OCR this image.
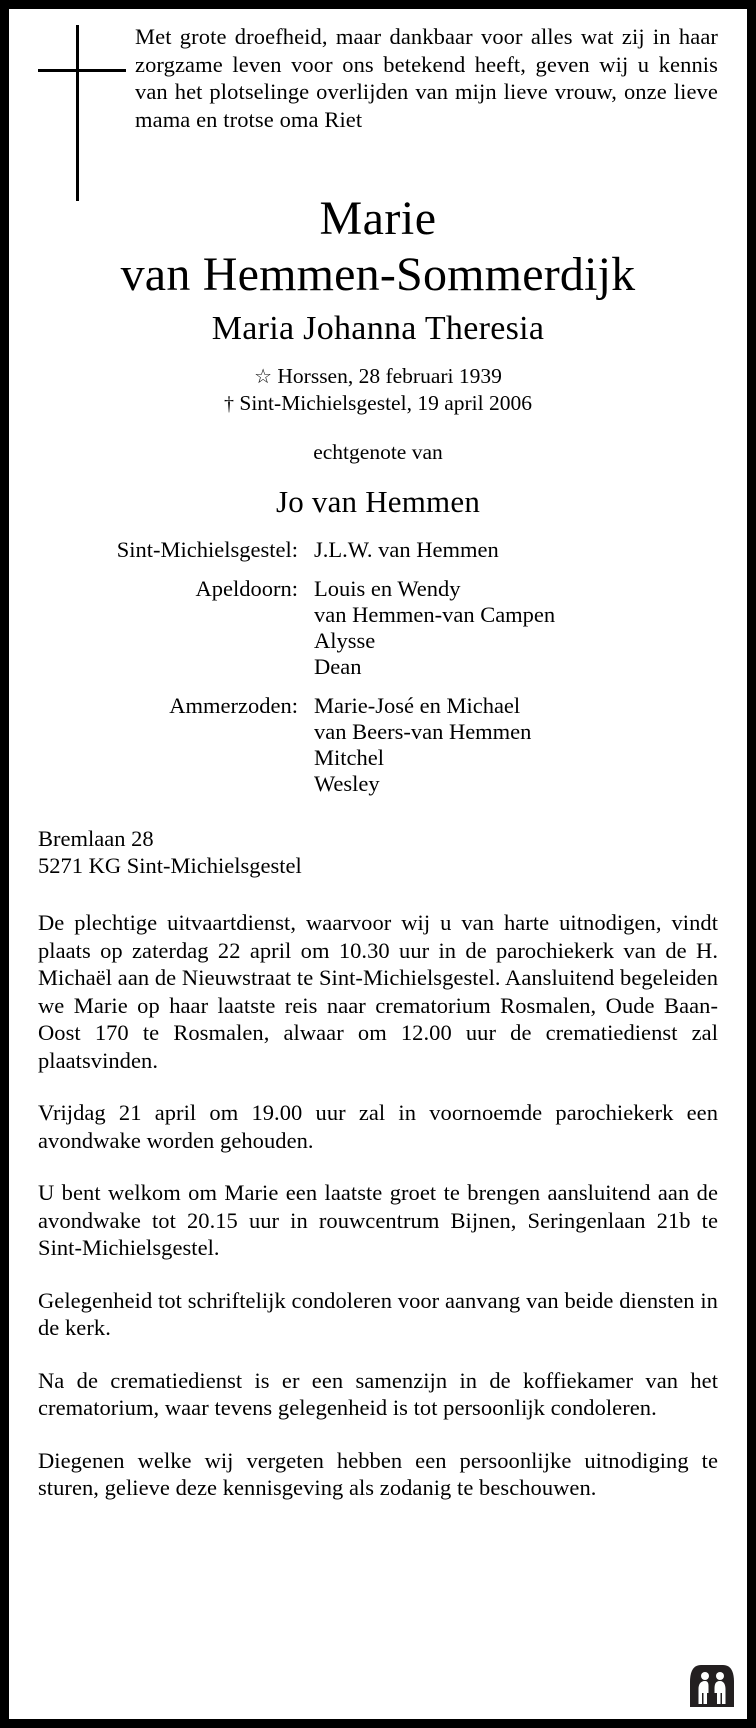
Met grote droefheid, maar dankbaar voor alles wat zij in haar zorgzame leven voor ons betekend heeft, geven wij u kennis van het plotselinge overlijden van mijn lieve vrouw, onze lieve mama en trotse oma Riet
Marie
van Hemmen-Sommerdijk
Maria Johanna Theresia
☆ Horssen, 28 februari 1939
† Sint-Michielsgestel, 19 april 2006
echtgenote van
Jo van Hemmen
Sint-Michielsgestel:	J.L.W. van Hemmen

Apeldoorn:	Louis en Wendy
van Hemmen-van Campen
Alysse
Dean

Ammerzoden:	Marie-José en Michael
van Beers-van Hemmen
Mitchel
Wesley
Bremlaan 28
5271 KG Sint-Michielsgestel
De plechtige uitvaartdienst, waarvoor wij u van harte uitnodigen, vindt plaats op zaterdag 22 april om 10.30 uur in de parochiekerk van de H. Michaël aan de Nieuwstraat te Sint-Michielsgestel. Aansluitend begeleiden we Marie op haar laatste reis naar crematorium Rosmalen, Oude Baan-Oost 170 te Rosmalen, alwaar om 12.00 uur de crematiedienst zal plaatsvinden.
Vrijdag 21 april om 19.00 uur zal in voornoemde parochiekerk een avondwake worden gehouden.
U bent welkom om Marie een laatste groet te brengen aansluitend aan de avondwake tot 20.15 uur in rouwcentrum Bijnen, Seringenlaan 21b te Sint-Michielsgestel.
Gelegenheid tot schriftelijk condoleren voor aanvang van beide diensten in de kerk.
Na de crematiedienst is er een samenzijn in de koffiekamer van het crematorium, waar tevens gelegenheid is tot persoonlijk condoleren.
Diegenen welke wij vergeten hebben een persoonlijke uitnodiging te sturen, gelieve deze kennisgeving als zodanig te beschouwen.
